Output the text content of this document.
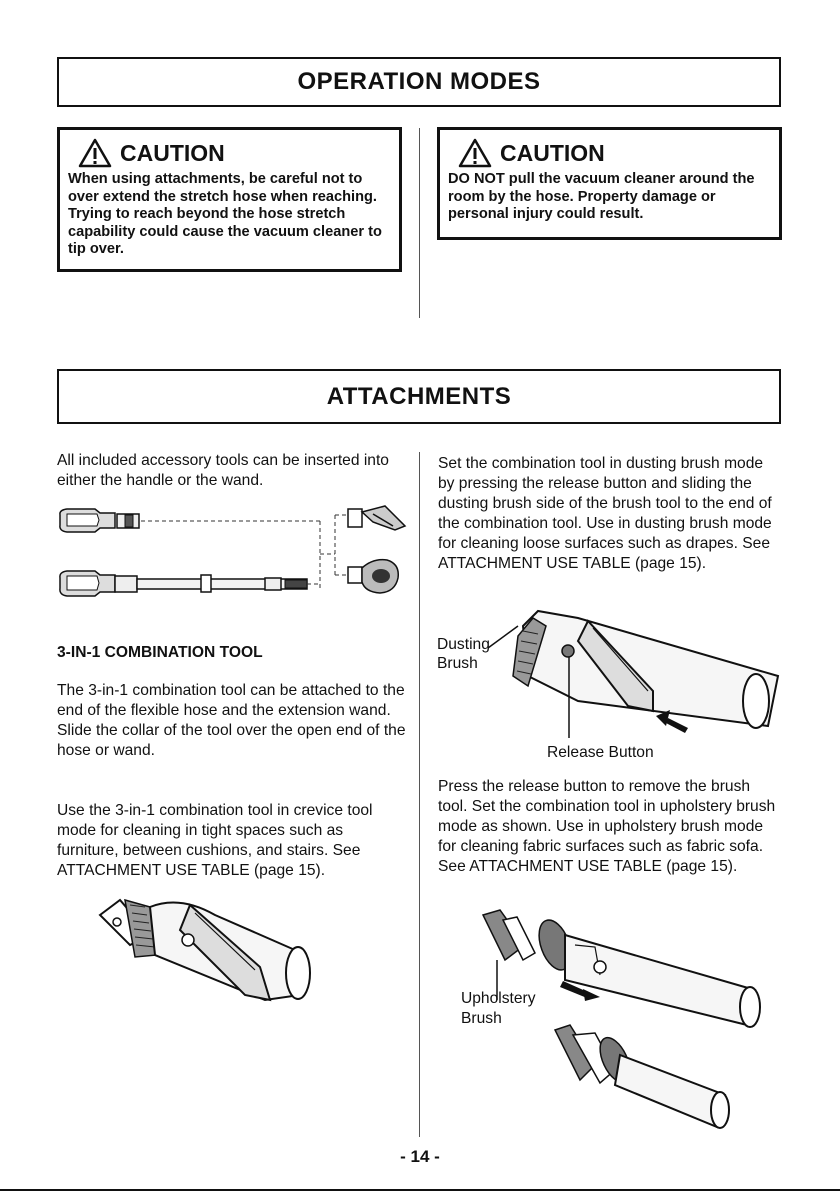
OPERATION MODES
CAUTION
When using attachments, be careful not to over extend the stretch hose when reaching. Trying to reach beyond the hose stretch capability could cause the vacuum cleaner to tip over.
CAUTION
DO NOT pull the vacuum cleaner around the room by the hose. Property damage or personal injury could result.
ATTACHMENTS
All included accessory tools can be inserted into either the handle or the wand.
3-IN-1 COMBINATION TOOL
The 3-in-1 combination tool can be attached to the end of the flexible hose and the extension wand. Slide the collar of the tool over the open end of the hose or wand.
Use the 3-in-1 combination tool in crevice tool mode for cleaning in tight spaces such as furniture, between cushions, and stairs. See ATTACHMENT USE TABLE (page 15).
Set the combination tool in dusting brush mode by pressing the release button and sliding the dusting brush side of the brush tool to the end of the combination tool. Use in dusting brush mode for cleaning loose surfaces such as drapes. See ATTACHMENT USE TABLE (page 15).
Dusting
Brush
Release Button
Press the release button to remove the brush tool. Set the combination tool in upholstery brush mode as shown. Use in upholstery brush mode for cleaning fabric surfaces such as fabric sofa. See ATTACHMENT USE TABLE (page 15).
Upholstery
Brush
- 14 -
